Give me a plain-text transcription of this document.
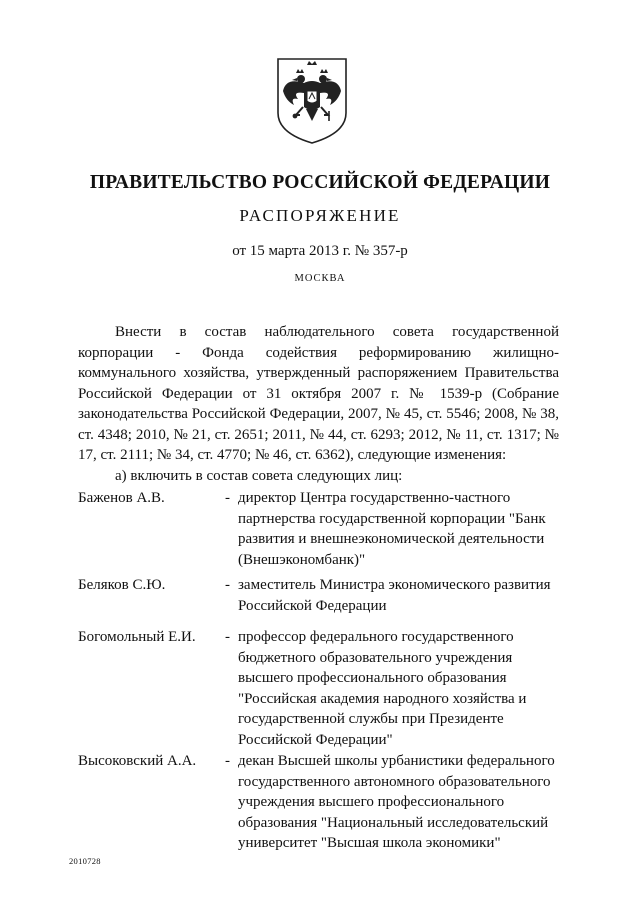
ПРАВИТЕЛЬСТВО РОССИЙСКОЙ ФЕДЕРАЦИИ
РАСПОРЯЖЕНИЕ
от 15 марта 2013 г. № 357-р
МОСКВА

Внести в состав наблюдательного совета государственной корпорации - Фонда содействия реформированию жилищно-коммунального хозяйства, утвержденный распоряжением Правительства Российской Федерации от 31 октября 2007 г. № 1539-р (Собрание законодательства Российской Федерации, 2007, № 45, ст. 5546; 2008, № 38, ст. 4348; 2010, № 21, ст. 2651; 2011, № 44, ст. 6293; 2012, № 11, ст. 1317; № 17, ст. 2111; № 34, ст. 4770; № 46, ст. 6362), следующие изменения:

а) включить в состав совета следующих лиц:

Баженов А.В.	- директор Центра государственно-частного партнерства государственной корпорации "Банк развития и внешнеэкономической деятельности (Внешэкономбанк)"
Беляков С.Ю.	- заместитель Министра экономического развития Российской Федерации
Богомольный Е.И. - профессор федерального государственного бюджетного образовательного учреждения высшего профессионального образования "Российская академия народного хозяйства и государственной службы при Президенте Российской Федерации"
Высоковский А.А. - декан Высшей школы урбанистики федерального государственного автономного образовательного учреждения высшего профессионального образования "Национальный исследовательский университет "Высшая школа экономики"
2010728
